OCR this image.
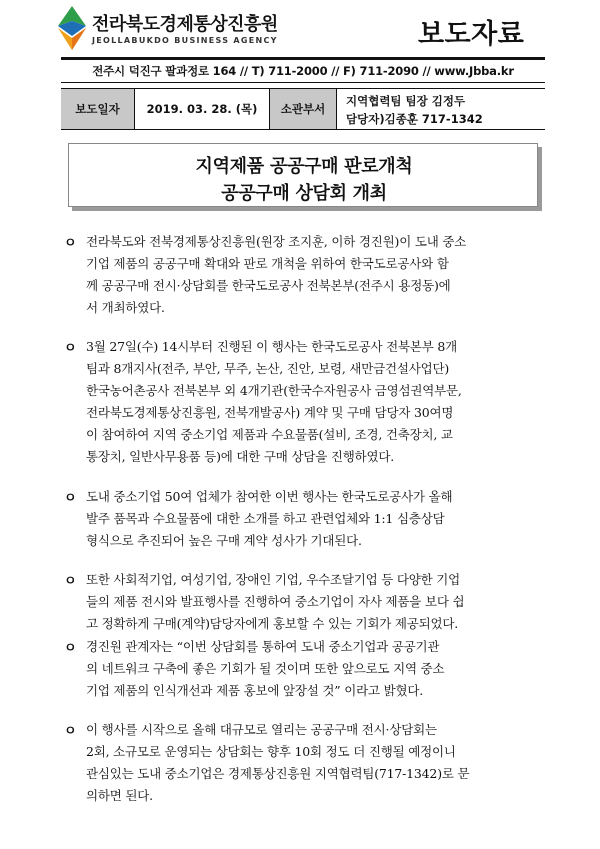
전라북도경제통상진흥원
JEOLLABUKDO BUSINESS AGENCY	보도자료
전주시 덕진구 팔과정로 164 // T) 711-2000 // F) 711-2090 // www.Jbba.kr
보도일자	2019. 03. 28. (목)	소관부서
지역협력팀 팀장 김정두
담당자)김종훈 717-1342
지역제품 공공구매 판로개척
공공구매 상담회 개최
ㅇ 전라북도와 전북경제통상진흥원(원장 조지훈, 이하 경진원)이 도내 중소
기업 제품의 공공구매 확대와 판로 개척을 위하여 한국도로공사와 함
께 공공구매 전시·상담회를 한국도로공사 전북본부(전주시 용정동)에
서 개최하였다.
ㅇ 3월 27일(수) 14시부터 진행된 이 행사는 한국도로공사 전북본부 8개
팀과 8개지사(전주, 부안, 무주, 논산, 진안, 보령, 새만금건설사업단)
한국농어촌공사 전북본부 외 4개기관(한국수자원공사 금영섬권역부문,
전라북도경제통상진흥원, 전북개발공사) 계약 및 구매 담당자 30여명
이 참여하여 지역 중소기업 제품과 수요물품(설비, 조경, 건축장치, 교
통장치, 일반사무용품 등)에 대한 구매 상담을 진행하였다.
ㅇ 도내 중소기업 50여 업체가 참여한 이번 행사는 한국도로공사가 올해
발주 품목과 수요물품에 대한 소개를 하고 관련업체와 1:1 심층상담
형식으로 추진되어 높은 구매 계약 성사가 기대된다.
ㅇ 또한 사회적기업, 여성기업, 장애인 기업, 우수조달기업 등 다양한 기업
들의 제품 전시와 발표행사를 진행하여 중소기업이 자사 제품을 보다 쉽
고 정확하게 구매(계약)담당자에게 홍보할 수 있는 기회가 제공되었다.
ㅇ 경진원 관계자는 “이번 상담회를 통하여 도내 중소기업과 공공기관
의 네트워크 구축에 좋은 기회가 될 것이며 또한 앞으로도 지역 중소
기업 제품의 인식개선과 제품 홍보에 앞장설 것” 이라고 밝혔다.
ㅇ 이 행사를 시작으로 올해 대규모로 열리는 공공구매 전시·상담회는
2회, 소규모로 운영되는 상담회는 향후 10회 정도 더 진행될 예정이니
관심있는 도내 중소기업은 경제통상진흥원 지역협력팀(717-1342)로 문
의하면 된다.
